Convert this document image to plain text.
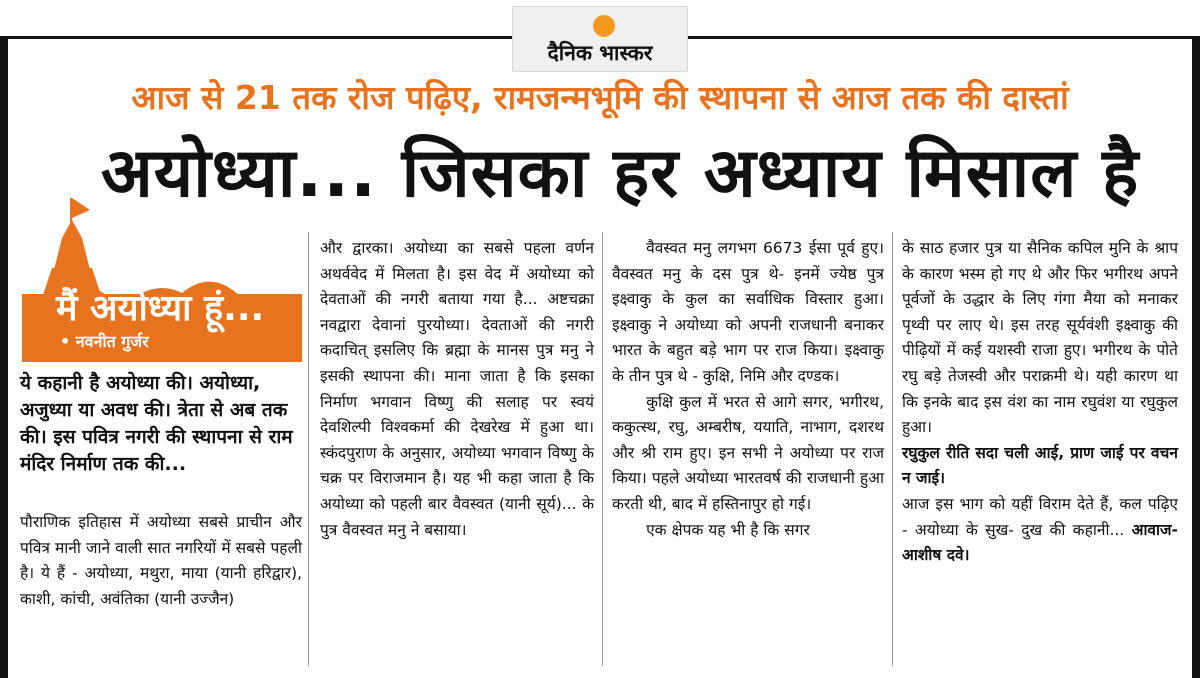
दैनिक भास्कर
आज से 21 तक रोज पढ़िए, रामजन्मभूमि की स्थापना से आज तक की दास्तां
अयोध्या... जिसका हर अध्याय मिसाल है
मैं अयोध्या हूं...
• नवनीत गुर्जर
ये कहानी है अयोध्या की। अयोध्या, अजुध्या या अवध की। त्रेता से अब तक की। इस पवित्र नगरी की स्थापना से राम मंदिर निर्माण तक की...

पौराणिक इतिहास में अयोध्या सबसे प्राचीन और पवित्र मानी जाने वाली सात नगरियों में सबसे पहली है। ये हैं - अयोध्या, मथुरा, माया (यानी हरिद्वार), काशी, कांची, अवंतिका (यानी उज्जैन)

और द्वारका। अयोध्या का सबसे पहला वर्णन अथर्ववेद में मिलता है। इस वेद में अयोध्या को देवताओं की नगरी बताया गया है... अष्टचक्रा नवद्वारा देवानां पुरयोध्या। देवताओं की नगरी कदाचित् इसलिए कि ब्रह्मा के मानस पुत्र मनु ने इसकी स्थापना की। माना जाता है कि इसका निर्माण भगवान विष्णु की सलाह पर स्वयं देवशिल्पी विश्वकर्मा की देखरेख में हुआ था। स्कंदपुराण के अनुसार, अयोध्या भगवान विष्णु के चक्र पर विराजमान है। यह भी कहा जाता है कि अयोध्या को पहली बार वैवस्वत (यानी सूर्य)... के पुत्र वैवस्वत मनु ने बसाया।

वैवस्वत मनु लगभग 6673 ईसा पूर्व हुए। वैवस्वत मनु के दस पुत्र थे- इनमें ज्येष्ठ पुत्र इक्ष्वाकु के कुल का सर्वाधिक विस्तार हुआ। इक्ष्वाकु ने अयोध्या को अपनी राजधानी बनाकर भारत के बहुत बड़े भाग पर राज किया। इक्ष्वाकु के तीन पुत्र थे - कुक्षि, निमि और दण्डक।

कुक्षि कुल में भरत से आगे सगर, भगीरथ, ककुत्स्थ, रघु, अम्बरीष, ययाति, नाभाग, दशरथ और श्री राम हुए। इन सभी ने अयोध्या पर राज किया। पहले अयोध्या भारतवर्ष की राजधानी हुआ करती थी, बाद में हस्तिनापुर हो गई।

एक क्षेपक यह भी है कि सगर

के साठ हजार पुत्र या सैनिक कपिल मुनि के श्राप के कारण भस्म हो गए थे और फिर भगीरथ अपने पूर्वजों के उद्धार के लिए गंगा मैया को मनाकर पृथ्वी पर लाए थे। इस तरह सूर्यवंशी इक्ष्वाकु की पीढ़ियों में कई यशस्वी राजा हुए। भगीरथ के पोते रघु बड़े तेजस्वी और पराक्रमी थे। यही कारण था कि इनके बाद इस वंश का नाम रघुवंश या रघुकुल हुआ।

रघुकुल रीति सदा चली आई, प्राण जाई पर वचन न जाई।

आज इस भाग को यहीं विराम देते हैं, कल पढ़िए - अयोध्या के सुख- दुख की कहानी... आवाज- आशीष दवे।
